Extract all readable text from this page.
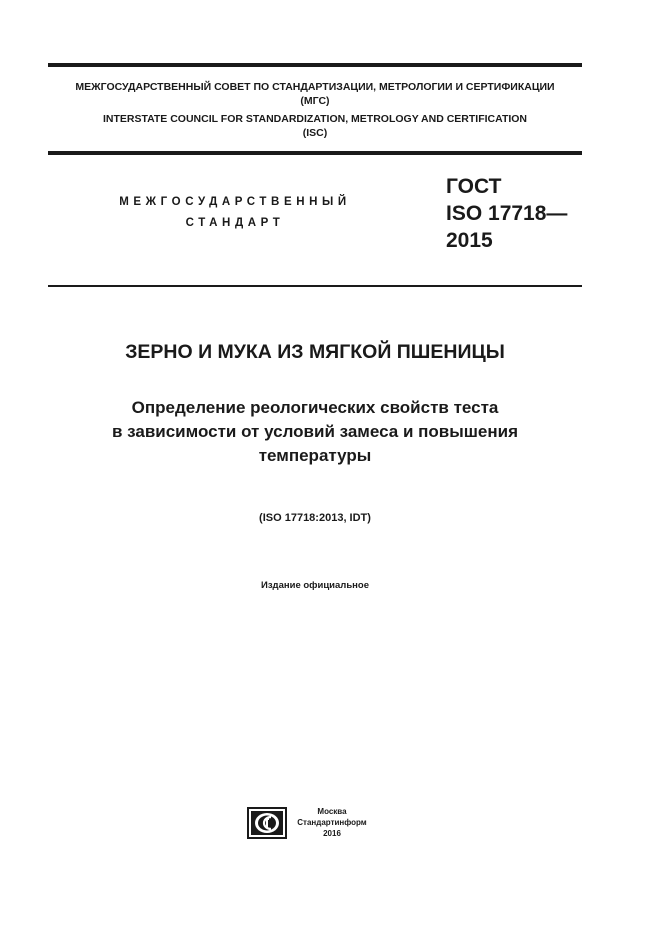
МЕЖГОСУДАРСТВЕННЫЙ СОВЕТ ПО СТАНДАРТИЗАЦИИ, МЕТРОЛОГИИ И СЕРТИФИКАЦИИ
(МГС)
INTERSTATE COUNCIL FOR STANDARDIZATION, METROLOGY AND CERTIFICATION
(ISC)
МЕЖГОСУДАРСТВЕННЫЙ
СТАНДАРТ
ГОСТ
ISO 17718—
2015
ЗЕРНО И МУКА ИЗ МЯГКОЙ ПШЕНИЦЫ
Определение реологических свойств теста
в зависимости от условий замеса и повышения
температуры
(ISO 17718:2013, IDT)
Издание официальное
Москва
Стандартинформ
2016
